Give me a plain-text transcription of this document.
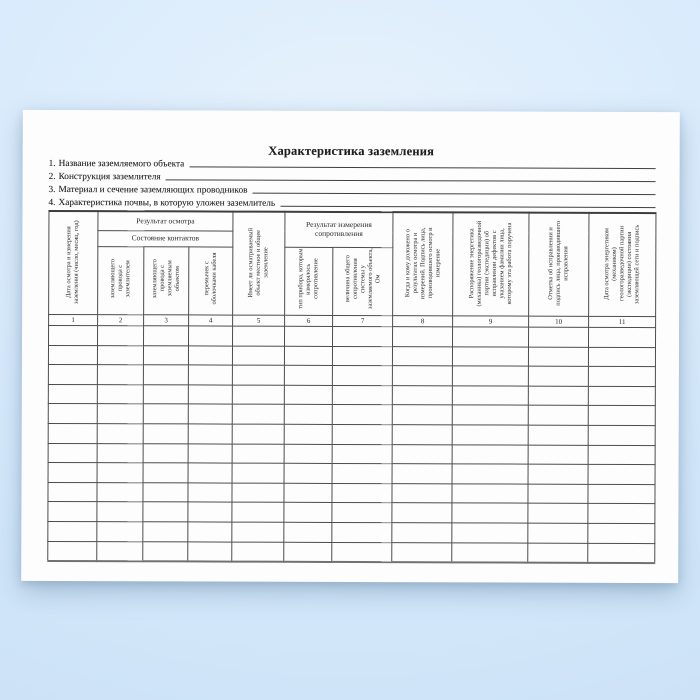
Характеристика заземления
1. Название заземляемого объекта
2. Конструкция заземлителя
3. Материал и сечение заземляющих проводников
4. Характеристика почвы, в которую уложен заземлитель
Дата осмотра и измерения заземления (число, месяц, год)	Результат осмотра			Имеет ли осматриваемый объект местное и общее заземление	Результат измерения сопротивления		Когда и кому доложено о результатах осмотра и измерений. Подпись лица, производившего осмотр и измерение	Распоряжение энергетика (механика) геологоразведочной партии (экспедиции) об исправлении дефектов с указанием фамилии лица, которому эта работа поручена	Отметка об исправлении и подпись лица, производившего исправления	Дата осмотра энергетиком (механиком) геологоразведочной партии (экспедиции) состояния заземляющей сети и подпись
	Состояние контактов									
	заземляющего провода с заземлителем	заземляющего провода с заземляемым объектом	перемычек с оболочками кабеля		тип прибора, которым измерялось сопротивление	величина общего сопротивления системы у заземляемого объекта, Ом				
1	2	3	4	5	6	7	8	9	10	11
